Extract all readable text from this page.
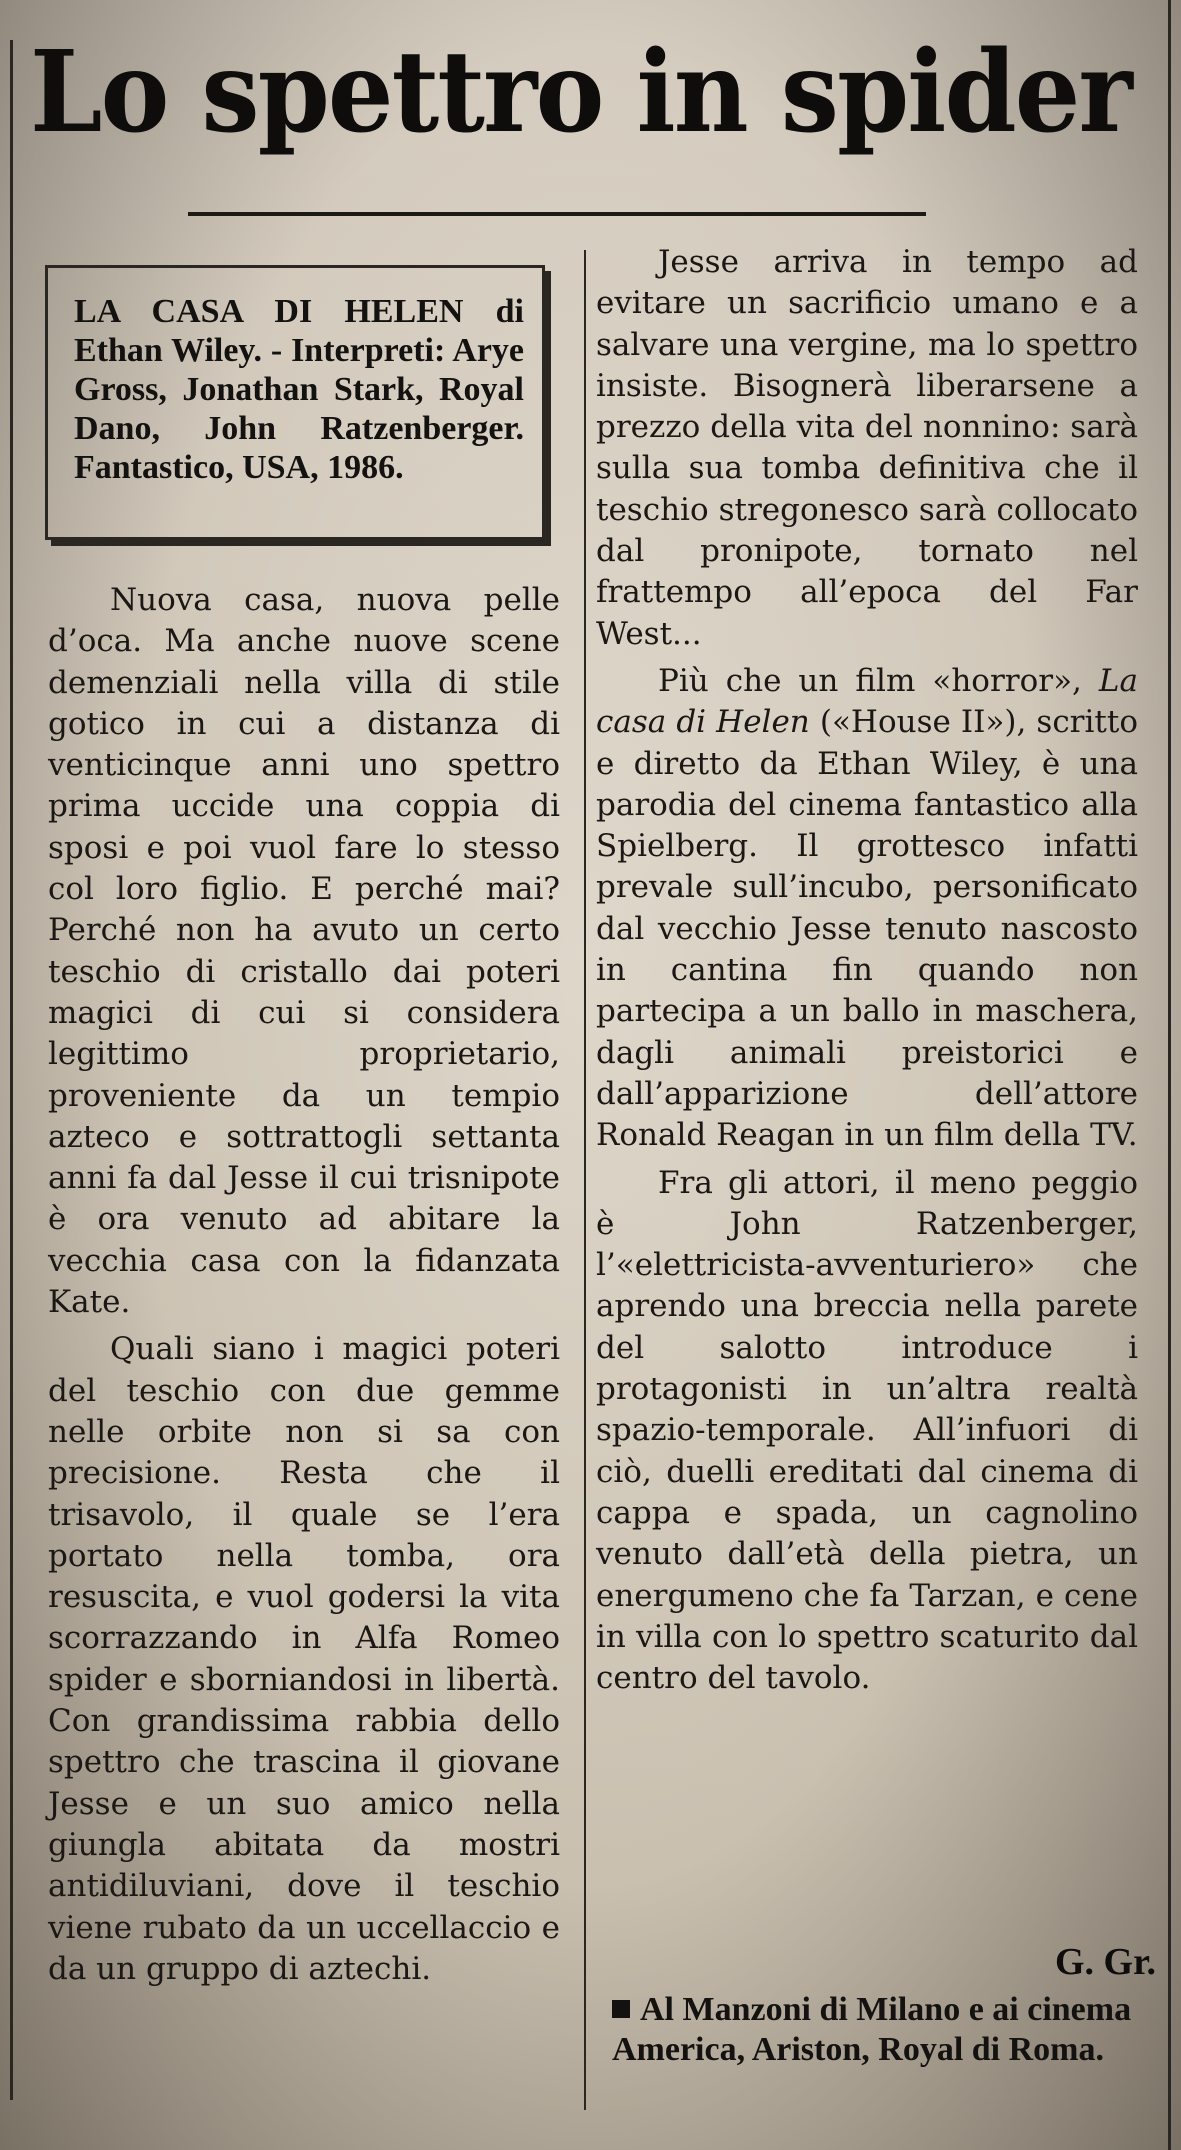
Lo spettro in spider

LA CASA DI HELEN di Ethan Wiley. - Interpreti: Arye Gross, Jonathan Stark, Royal Dano, John Ratzenberger. Fantastico, USA, 1986.

Nuova casa, nuova pelle d’oca. Ma anche nuove scene demenziali nella villa di stile gotico in cui a distanza di venticinque anni uno spettro prima uccide una coppia di sposi e poi vuol fare lo stesso col loro figlio. E perché mai? Perché non ha avuto un certo teschio di cristallo dai poteri magici di cui si considera legittimo proprietario, proveniente da un tempio azteco e sottrattogli settanta anni fa dal Jesse il cui trisnipote è ora venuto ad abitare la vecchia casa con la fidanzata Kate.

Quali siano i magici poteri del teschio con due gemme nelle orbite non si sa con precisione. Resta che il trisavolo, il quale se l’era portato nella tomba, ora resuscita, e vuol godersi la vita scorrazzando in Alfa Romeo spider e sborniandosi in libertà. Con grandissima rabbia dello spettro che trascina il giovane Jesse e un suo amico nella giungla abitata da mostri antidiluviani, dove il teschio viene rubato da un uccellaccio e da un gruppo di aztechi.

Jesse arriva in tempo ad evitare un sacrificio umano e a salvare una vergine, ma lo spettro insiste. Bisognerà liberarsene a prezzo della vita del nonnino: sarà sulla sua tomba definitiva che il teschio stregonesco sarà collocato dal pronipote, tornato nel frattempo all’epoca del Far West...

Più che un film «horror», La casa di Helen («House II»), scritto e diretto da Ethan Wiley, è una parodia del cinema fantastico alla Spielberg. Il grottesco infatti prevale sull’incubo, personificato dal vecchio Jesse tenuto nascosto in cantina fin quando non partecipa a un ballo in maschera, dagli animali preistorici e dall’apparizione dell’attore Ronald Reagan in un film della TV.

Fra gli attori, il meno peggio è John Ratzenberger, l’«elettricista-avventuriero» che aprendo una breccia nella parete del salotto introduce i protagonisti in un’altra realtà spazio-temporale. All’infuori di ciò, duelli ereditati dal cinema di cappa e spada, un cagnolino venuto dall’età della pietra, un energumeno che fa Tarzan, e cene in villa con lo spettro scaturito dal centro del tavolo.

G. Gr.
Al Manzoni di Milano e ai cinema America, Ariston, Royal di Roma.
